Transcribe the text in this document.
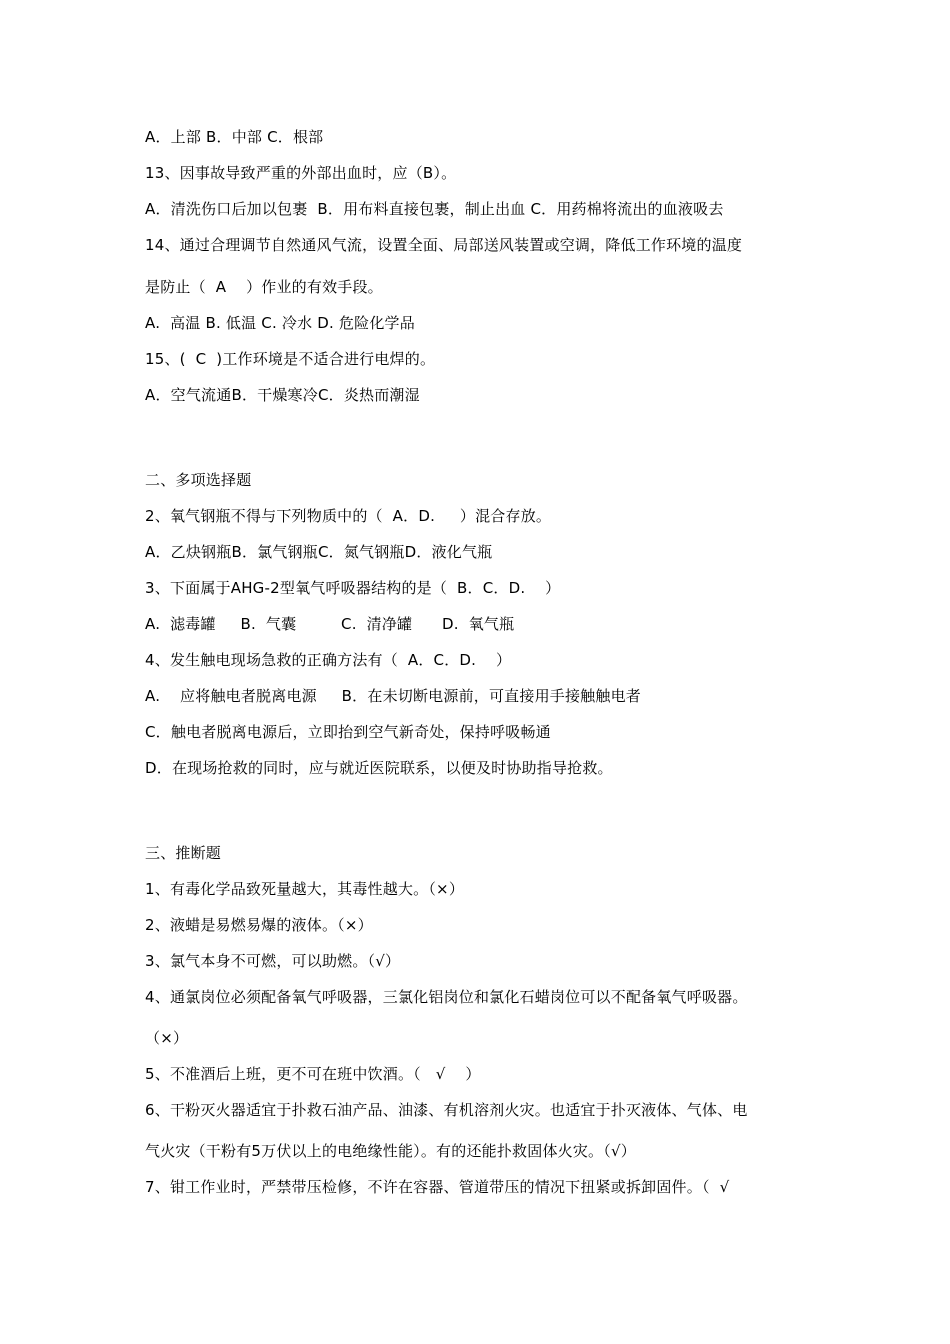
A．上部 B．中部 C．根部
13、因事故导致严重的外部出血时，应（B）。
A．清洗伤口后加以包裹  B．用布料直接包裹，制止出血 C．用药棉将流出的血液吸去
14、通过合理调节自然通风气流，设置全面、局部送风装置或空调，降低工作环境的温度
是防止（  A    ）作业的有效手段。
A.  高温 B. 低温 C. 冷水 D. 危险化学品
15、(  C  )工作环境是不适合进行电焊的。
A．空气流通B．干燥寒冷C．炎热而潮湿
二、多项选择题
2、氧气钢瓶不得与下列物质中的（  A．D.     ）混合存放。
A．乙炔钢瓶B．氯气钢瓶C．氮气钢瓶D．液化气瓶
3、下面属于AHG-2型氧气呼吸器结构的是（  B．C．D.    ）
A.  滤毒罐     B.  气囊         C.  清净罐      D.  氧气瓶
4、发生触电现场急救的正确方法有（  A．C．D.    ）
A.    应将触电者脱离电源     B．在未切断电源前，可直接用手接触触电者
C．触电者脱离电源后，立即抬到空气新奇处，保持呼吸畅通
D．在现场抢救的同时，应与就近医院联系，以便及时协助指导抢救。
三、推断题
1、有毒化学品致死量越大，其毒性越大。（×）
2、液蜡是易燃易爆的液体。（×）
3、氯气本身不可燃，可以助燃。（√）
4、通氯岗位必须配备氧气呼吸器，三氯化铝岗位和氯化石蜡岗位可以不配备氧气呼吸器。
（×）
5、不准酒后上班，更不可在班中饮酒。（   √    ）
6、干粉灭火器适宜于扑救石油产品、油漆、有机溶剂火灾。也适宜于扑灭液体、气体、电
气火灾（干粉有5万伏以上的电绝缘性能）。有的还能扑救固体火灾。（√）
7、钳工作业时，严禁带压检修，不许在容器、管道带压的情况下扭紧或拆卸固件。（  √
